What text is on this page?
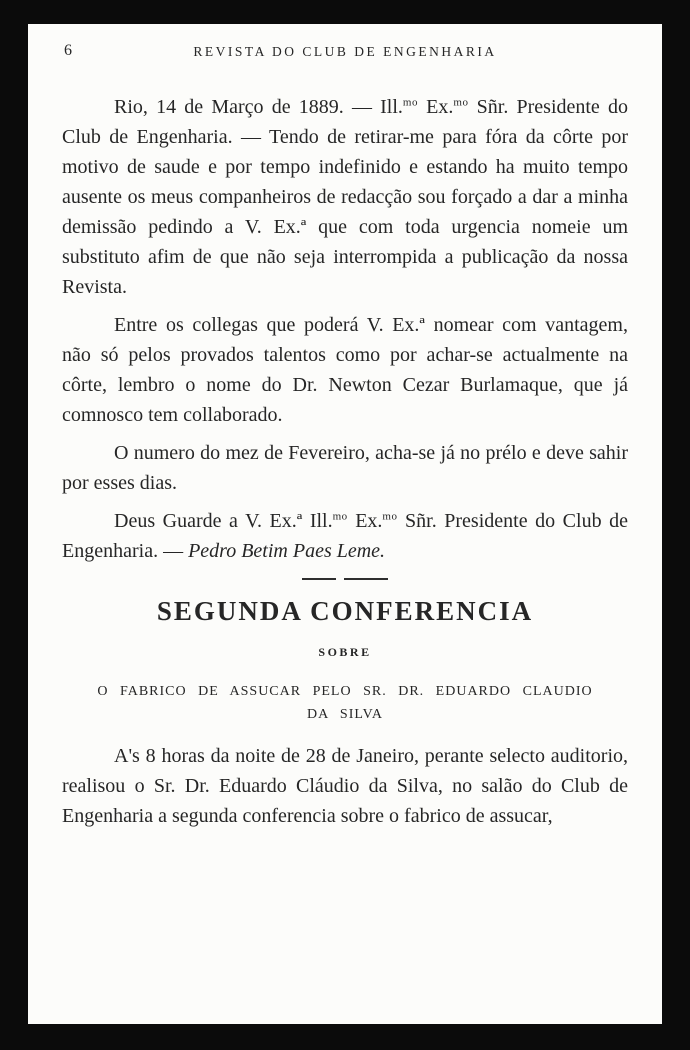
6	REVISTA DO CLUB DE ENGENHARIA

Rio, 14 de Março de 1889. — Ill.$^{mo}$ Ex.$^{mo}$ Sñr. Presidente do Club de Engenharia. — Tendo de retirar-me para fóra da côrte por motivo de saude e por tempo indefinido e estando ha muito tempo ausente os meus companheiros de redacção sou forçado a dar a minha demissão pedindo a V. Ex.ª que com toda urgencia nomeie um substituto afim de que não seja interrompida a publicação da nossa Revista.

Entre os collegas que poderá V. Ex.ª nomear com vantagem, não só pelos provados talentos como por achar-se actualmente na côrte, lembro o nome do Dr. Newton Cezar Burlamaque, que já comnosco tem collaborado.

O numero do mez de Fevereiro, acha-se já no prélo e deve sahir por esses dias.

Deus Guarde a V. Ex.ª Ill.$^{mo}$ Ex.$^{mo}$ Sñr. Presidente do Club de Engenharia. — Pedro Betim Paes Leme.

SEGUNDA CONFERENCIA
SOBRE
O FABRICO DE ASSUCAR PELO SR. DR. EDUARDO CLAUDIO
DA SILVA

A's 8 horas da noite de 28 de Janeiro, perante selecto auditorio, realisou o Sr. Dr. Eduardo Cláudio da Silva, no salão do Club de Engenharia a segunda conferencia sobre o fabrico de assucar,
